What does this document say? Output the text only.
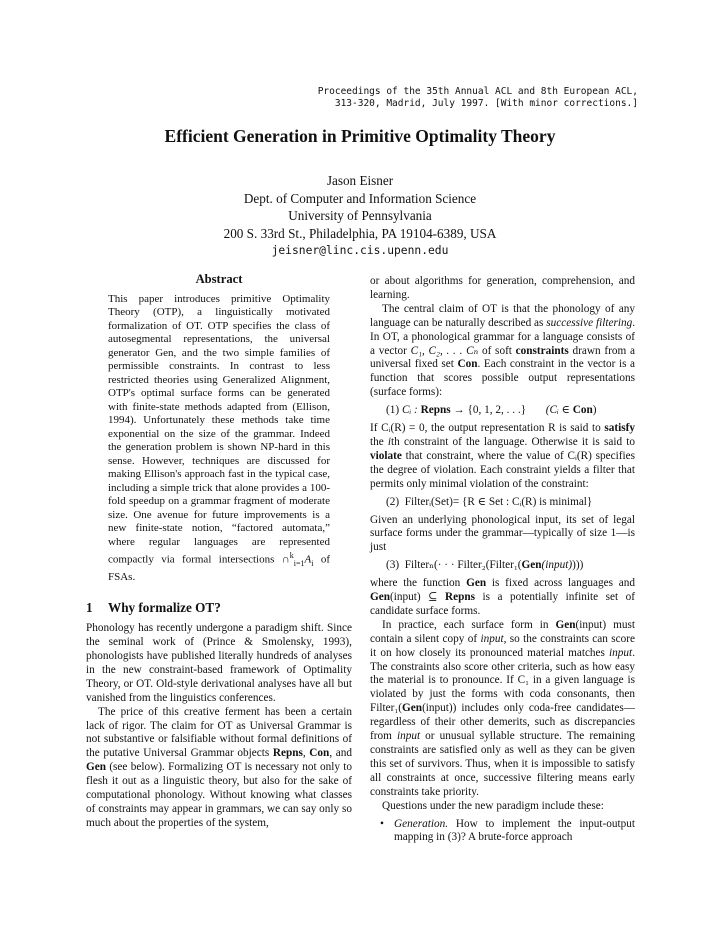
Proceedings of the 35th Annual ACL and 8th European ACL,
313-320, Madrid, July 1997. [With minor corrections.]
Efficient Generation in Primitive Optimality Theory
Jason Eisner
Dept. of Computer and Information Science
University of Pennsylvania
200 S. 33rd St., Philadelphia, PA 19104-6389, USA
jeisner@linc.cis.upenn.edu
Abstract

This paper introduces primitive Optimality Theory (OTP), a linguistically motivated formalization of OT. OTP specifies the class of autosegmental representations, the universal generator Gen, and the two simple families of permissible constraints. In contrast to less restricted theories using Generalized Alignment, OTP's optimal surface forms can be generated with finite-state methods adapted from (Ellison, 1994). Unfortunately these methods take time exponential on the size of the grammar. Indeed the generation problem is shown NP-hard in this sense. However, techniques are discussed for making Ellison's approach fast in the typical case, including a simple trick that alone provides a 100-fold speedup on a grammar fragment of moderate size. One avenue for future improvements is a new finite-state notion, “factored automata,” where regular languages are represented compactly via formal intersections $\cap^k_{i=1}A_i$ of FSAs.

1 Why formalize OT?

Phonology has recently undergone a paradigm shift. Since the seminal work of (Prince & Smolensky, 1993), phonologists have published literally hundreds of analyses in the new constraint-based framework of Optimality Theory, or OT. Old-style derivational analyses have all but vanished from the linguistics conferences.

The price of this creative ferment has been a certain lack of rigor. The claim for OT as Universal Grammar is not substantive or falsifiable without formal definitions of the putative Universal Grammar objects Repns, Con, and Gen (see below). Formalizing OT is necessary not only to flesh it out as a linguistic theory, but also for the sake of computational phonology. Without knowing what classes of constraints may appear in grammars, we can say only so much about the properties of the system,

or about algorithms for generation, comprehension, and learning.

The central claim of OT is that the phonology of any language can be naturally described as successive filtering. In OT, a phonological grammar for a language consists of a vector C₁, C₂, . . . Cₙ of soft constraints drawn from a universal fixed set Con. Each constraint in the vector is a function that scores possible output representations (surface forms):

(1) Cᵢ : Repns → {0, 1, 2, . . .} (Cᵢ ∈ Con)

If Cᵢ(R) = 0, the output representation R is said to satisfy the ith constraint of the language. Otherwise it is said to violate that constraint, where the value of Cᵢ(R) specifies the degree of violation. Each constraint yields a filter that permits only minimal violation of the constraint:

(2) Filterᵢ(Set)= {R ∈ Set : Cᵢ(R) is minimal}

Given an underlying phonological input, its set of legal surface forms under the grammar—typically of size 1—is just

(3) Filterₙ(· · · Filter₂(Filter₁(Gen(input))))

where the function Gen is fixed across languages and Gen(input) ⊆ Repns is a potentially infinite set of candidate surface forms.

In practice, each surface form in Gen(input) must contain a silent copy of input, so the constraints can score it on how closely its pronounced material matches input. The constraints also score other criteria, such as how easy the material is to pronounce. If C₁ in a given language is violated by just the forms with coda consonants, then Filter₁(Gen(input)) includes only coda-free candidates—regardless of their other demerits, such as discrepancies from input or unusual syllable structure. The remaining constraints are satisfied only as well as they can be given this set of survivors. Thus, when it is impossible to satisfy all constraints at once, successive filtering means early constraints take priority.

Questions under the new paradigm include these:

• Generation. How to implement the input-output mapping in (3)? A brute-force approach
